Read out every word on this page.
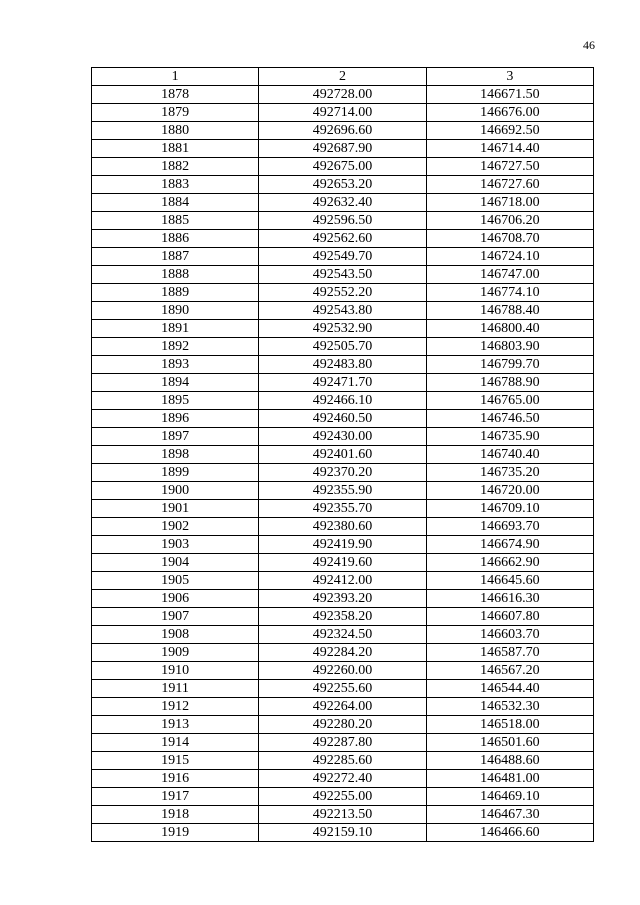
46
1	2	3
1878	492728.00	146671.50
1879	492714.00	146676.00
1880	492696.60	146692.50
1881	492687.90	146714.40
1882	492675.00	146727.50
1883	492653.20	146727.60
1884	492632.40	146718.00
1885	492596.50	146706.20
1886	492562.60	146708.70
1887	492549.70	146724.10
1888	492543.50	146747.00
1889	492552.20	146774.10
1890	492543.80	146788.40
1891	492532.90	146800.40
1892	492505.70	146803.90
1893	492483.80	146799.70
1894	492471.70	146788.90
1895	492466.10	146765.00
1896	492460.50	146746.50
1897	492430.00	146735.90
1898	492401.60	146740.40
1899	492370.20	146735.20
1900	492355.90	146720.00
1901	492355.70	146709.10
1902	492380.60	146693.70
1903	492419.90	146674.90
1904	492419.60	146662.90
1905	492412.00	146645.60
1906	492393.20	146616.30
1907	492358.20	146607.80
1908	492324.50	146603.70
1909	492284.20	146587.70
1910	492260.00	146567.20
1911	492255.60	146544.40
1912	492264.00	146532.30
1913	492280.20	146518.00
1914	492287.80	146501.60
1915	492285.60	146488.60
1916	492272.40	146481.00
1917	492255.00	146469.10
1918	492213.50	146467.30
1919	492159.10	146466.60
